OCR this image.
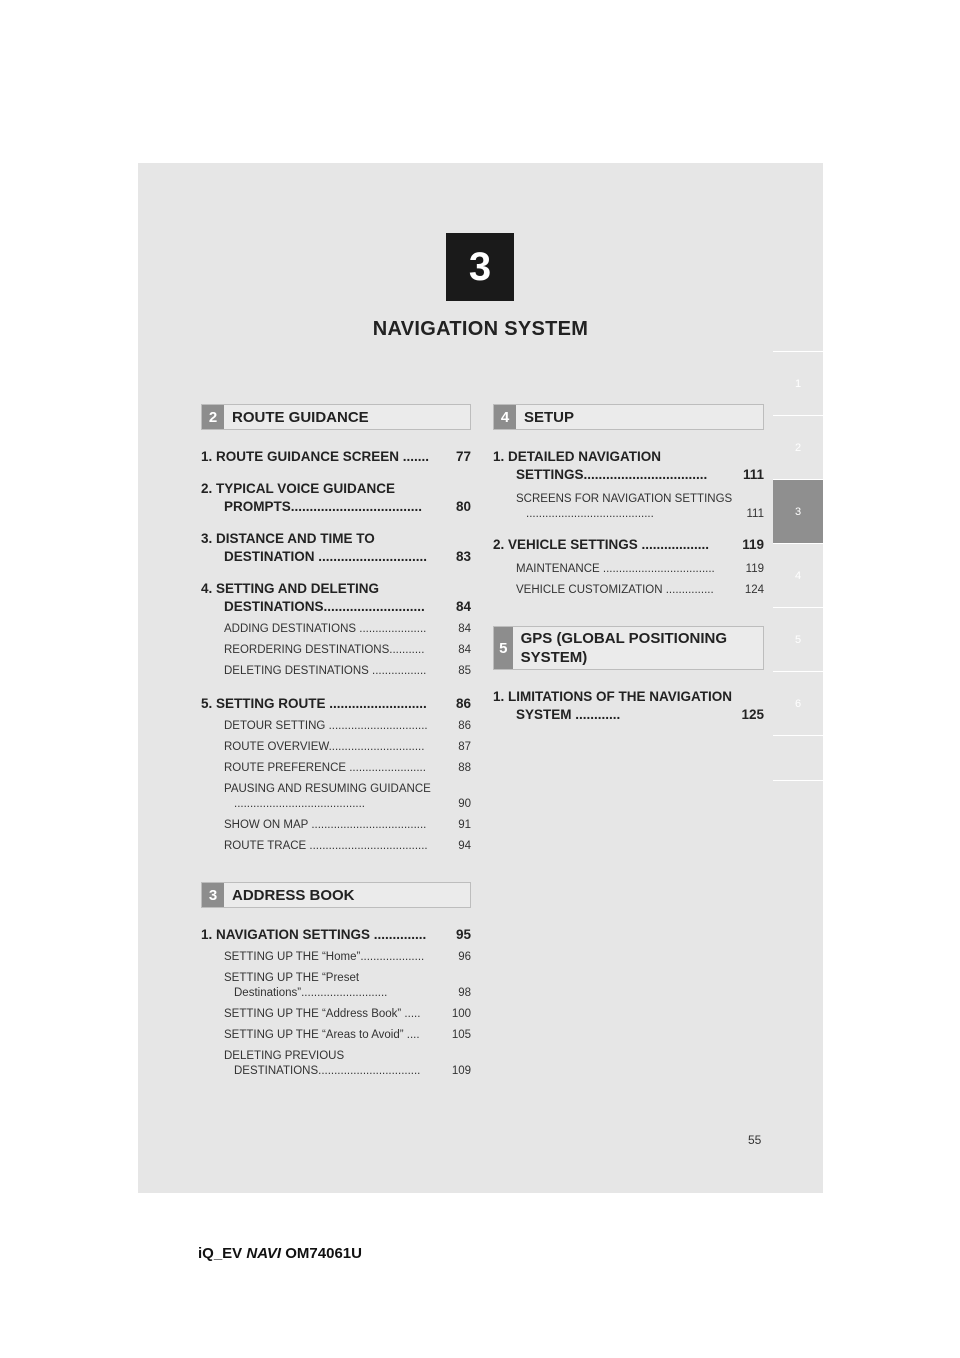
3
NAVIGATION SYSTEM
1
2
3
4
5
6
2 ROUTE GUIDANCE
1. ROUTE GUIDANCE SCREEN .......	77
2. TYPICAL VOICE GUIDANCE PROMPTS...................................	80
3. DISTANCE AND TIME TO DESTINATION .............................	83
4. SETTING AND DELETING DESTINATIONS...........................	84
ADDING DESTINATIONS .....................	84
REORDERING DESTINATIONS...........	84
DELETING DESTINATIONS .................	85
5. SETTING ROUTE ..........................	86
DETOUR SETTING ...............................	86
ROUTE OVERVIEW..............................	87
ROUTE PREFERENCE ........................	88
PAUSING AND RESUMING GUIDANCE .........................................	90
SHOW ON MAP ....................................	91
ROUTE TRACE .....................................	94
3 ADDRESS BOOK
1. NAVIGATION SETTINGS ..............	95
SETTING UP THE “Home”....................	96
SETTING UP THE “Preset Destinations”...........................	98
SETTING UP THE “Address Book” .....	100
SETTING UP THE “Areas to Avoid” ....	105
DELETING PREVIOUS DESTINATIONS................................	109
4 SETUP
1. DETAILED NAVIGATION SETTINGS.................................	111
SCREENS FOR NAVIGATION SETTINGS ........................................	111
2. VEHICLE SETTINGS ..................	119
MAINTENANCE ...................................	119
VEHICLE CUSTOMIZATION ...............	124
5
GPS (GLOBAL POSITIONING SYSTEM)
1. LIMITATIONS OF THE NAVIGATION SYSTEM ............	125
55
iQ_EV NAVI OM74061U
